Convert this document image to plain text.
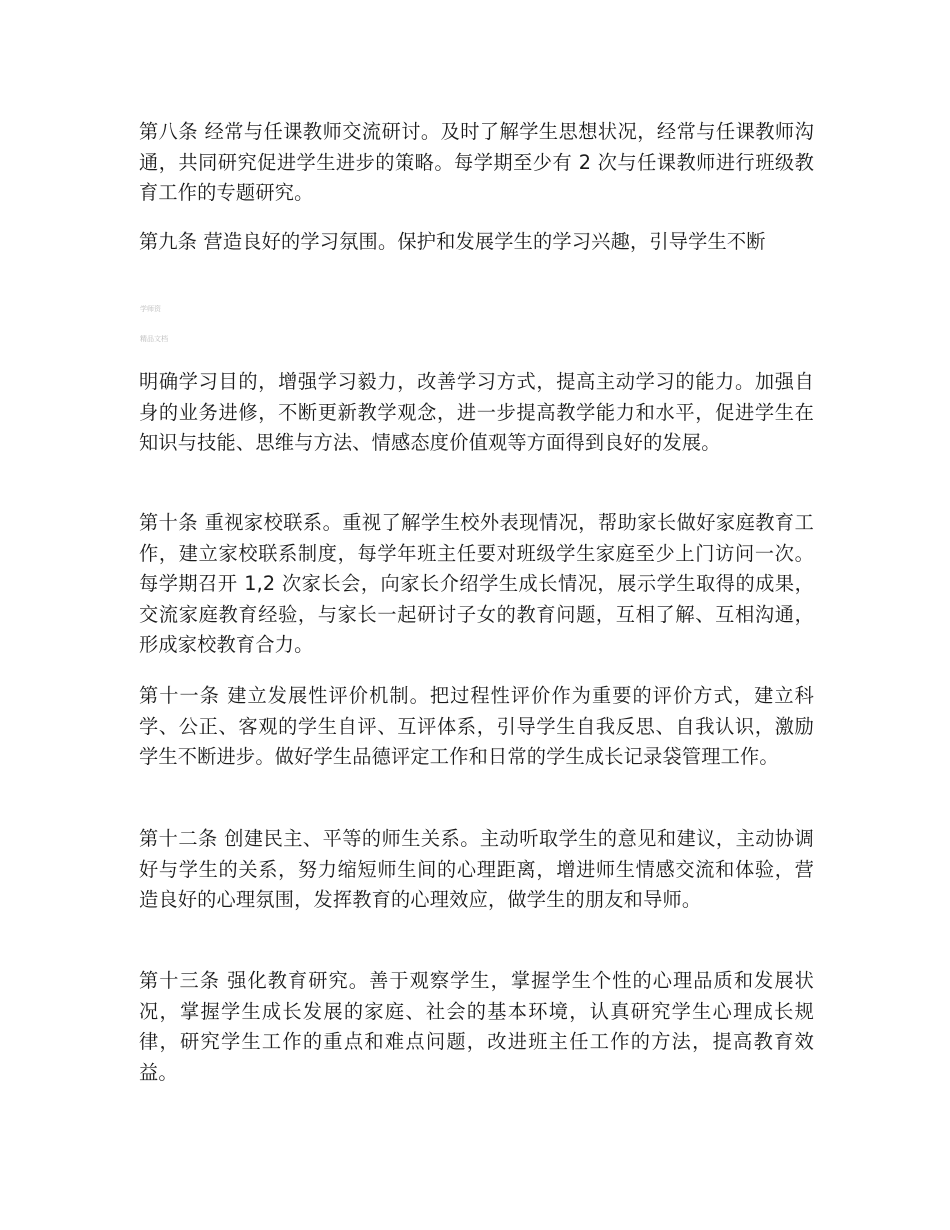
第八条 经常与任课教师交流研讨。及时了解学生思想状况，经常与任课教师沟通，共同研究促进学生进步的策略。每学期至少有 2 次与任课教师进行班级教育工作的专题研究。

第九条 营造良好的学习氛围。保护和发展学生的学习兴趣，引导学生不断

学师资
精品文档

明确学习目的，增强学习毅力，改善学习方式，提高主动学习的能力。加强自身的业务进修，不断更新教学观念，进一步提高教学能力和水平，促进学生在知识与技能、思维与方法、情感态度价值观等方面得到良好的发展。

第十条 重视家校联系。重视了解学生校外表现情况，帮助家长做好家庭教育工作，建立家校联系制度，每学年班主任要对班级学生家庭至少上门访问一次。每学期召开 1,2 次家长会，向家长介绍学生成长情况，展示学生取得的成果，交流家庭教育经验，与家长一起研讨子女的教育问题，互相了解、互相沟通，形成家校教育合力。

第十一条 建立发展性评价机制。把过程性评价作为重要的评价方式，建立科学、公正、客观的学生自评、互评体系，引导学生自我反思、自我认识，激励学生不断进步。做好学生品德评定工作和日常的学生成长记录袋管理工作。

第十二条 创建民主、平等的师生关系。主动听取学生的意见和建议，主动协调好与学生的关系，努力缩短师生间的心理距离，增进师生情感交流和体验，营造良好的心理氛围，发挥教育的心理效应，做学生的朋友和导师。

第十三条 强化教育研究。善于观察学生，掌握学生个性的心理品质和发展状况，掌握学生成长发展的家庭、社会的基本环境，认真研究学生心理成长规律，研究学生工作的重点和难点问题，改进班主任工作的方法，提高教育效益。
